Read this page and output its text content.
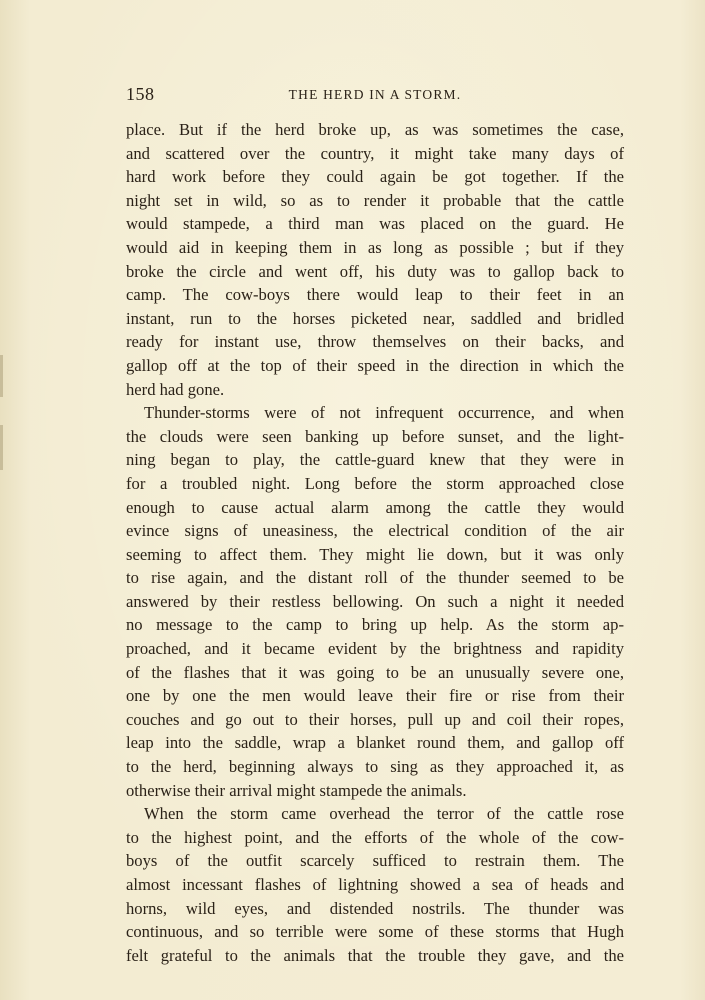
158	THE HERD IN A STORM.
place. But if the herd broke up, as was sometimes the case,
and scattered over the country, it might take many days of
hard work before they could again be got together. If the
night set in wild, so as to render it probable that the cattle
would stampede, a third man was placed on the guard. He
would aid in keeping them in as long as possible ; but if they
broke the circle and went off, his duty was to gallop back to
camp. The cow-boys there would leap to their feet in an
instant, run to the horses picketed near, saddled and bridled
ready for instant use, throw themselves on their backs, and
gallop off at the top of their speed in the direction in which the
herd had gone.
Thunder-storms were of not infrequent occurrence, and when
the clouds were seen banking up before sunset, and the light-
ning began to play, the cattle-guard knew that they were in
for a troubled night. Long before the storm approached close
enough to cause actual alarm among the cattle they would
evince signs of uneasiness, the electrical condition of the air
seeming to affect them. They might lie down, but it was only
to rise again, and the distant roll of the thunder seemed to be
answered by their restless bellowing. On such a night it needed
no message to the camp to bring up help. As the storm ap-
proached, and it became evident by the brightness and rapidity
of the flashes that it was going to be an unusually severe one,
one by one the men would leave their fire or rise from their
couches and go out to their horses, pull up and coil their ropes,
leap into the saddle, wrap a blanket round them, and gallop off
to the herd, beginning always to sing as they approached it, as
otherwise their arrival might stampede the animals.
When the storm came overhead the terror of the cattle rose
to the highest point, and the efforts of the whole of the cow-
boys of the outfit scarcely sufficed to restrain them. The
almost incessant flashes of lightning showed a sea of heads and
horns, wild eyes, and distended nostrils. The thunder was
continuous, and so terrible were some of these storms that Hugh
felt grateful to the animals that the trouble they gave, and the
